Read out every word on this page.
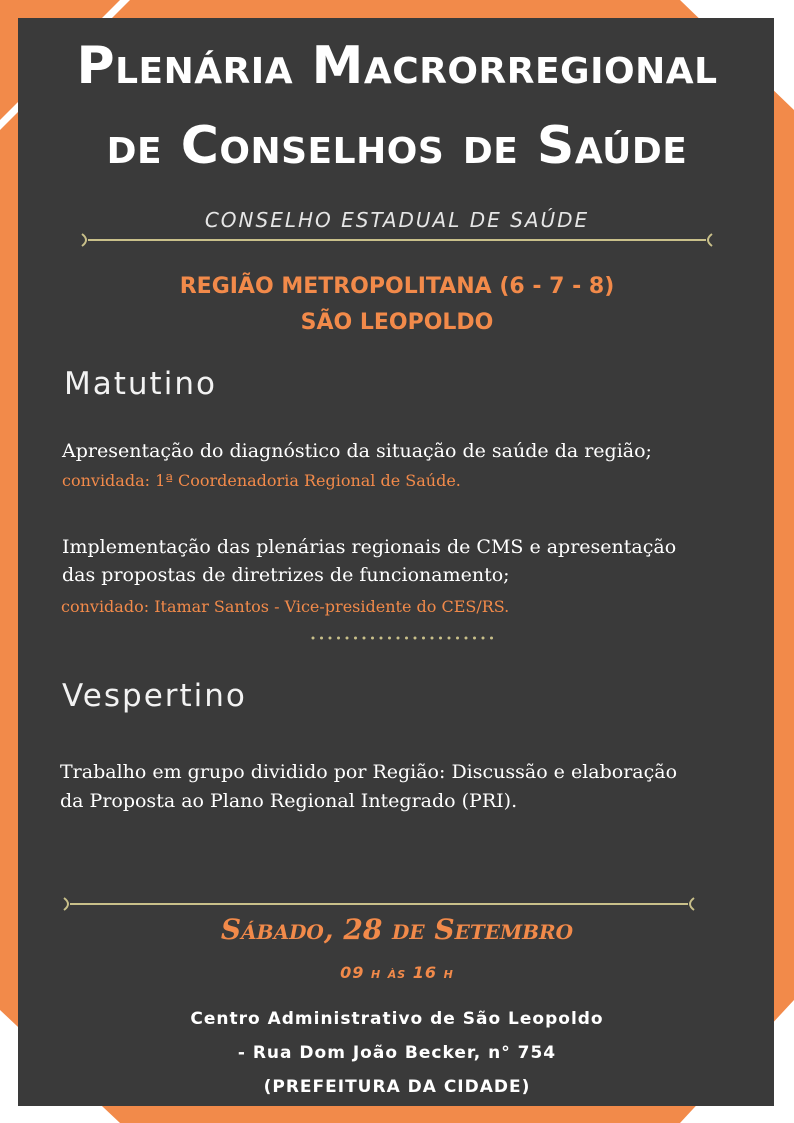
Plenária Macrorregional
de Conselhos de Saúde
CONSELHO ESTADUAL DE SAÚDE
REGIÃO METROPOLITANA (6 - 7 - 8)
SÃO LEOPOLDO
Matutino
Apresentação do diagnóstico da situação de saúde da região;
convidada: 1ª Coordenadoria Regional de Saúde.
Implementação das plenárias regionais de CMS e apresentação
das propostas de diretrizes de funcionamento;
convidado: Itamar Santos - Vice-presidente do CES/RS.
Vespertino
Trabalho em grupo dividido por Região: Discussão e elaboração
da Proposta ao Plano Regional Integrado (PRI).
Sábado, 28 de Setembro
09 h às 16 h
Centro Administrativo de São Leopoldo
- Rua Dom João Becker, n° 754
(PREFEITURA DA CIDADE)
